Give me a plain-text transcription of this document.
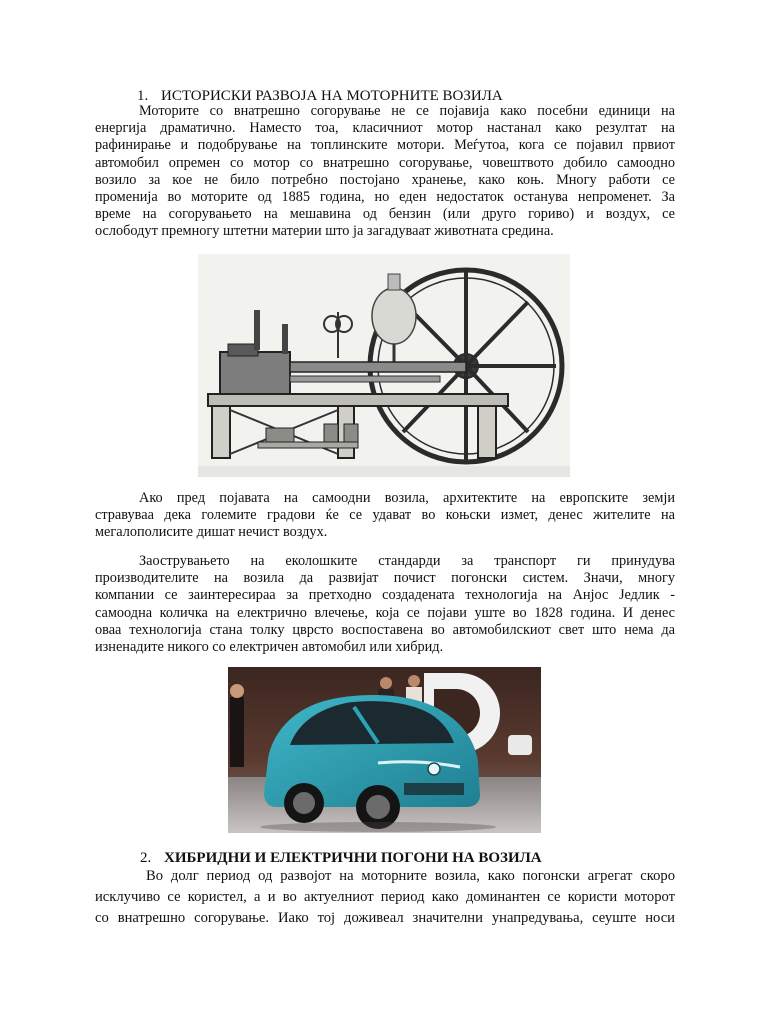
1. ИСТОРИСКИ РАЗВОЈА НА МОТОРНИТЕ ВОЗИЛА
Моторите со внатрешно согорување не се појавија како посебни единици на
енергија драматично. Наместо тоа, класичниот мотор настанал како резултат на
рафинирање и подобрување на топлинските мотори. Меѓутоа, кога се појавил првиот
автомобил опремен со мотор со внатрешно согорување, човештвото добило самоодно
возило за кое не било потребно постојано хранење, како коњ. Многу работи се
променија во моторите од 1885 година, но еден недостаток останува непроменет. За
време на согорувањето на мешавина од бензин (или друго гориво) и воздух, се
ослободут премногу штетни материи што ја загадуваат животната средина.
Ако пред појавата на самоодни возила, архитектите на европските земји
стравуваа дека големите градови ќе се удават во коњски измет, денес жителите на
мегалополисите дишат нечист воздух.
Заострувањето на еколошките стандарди за транспорт ги принудува
производителите на возила да развијат почист погонски систем. Значи, многу
компании се заинтересираа за претходно создадената технологија на Анјос Једлик -
самоодна количка на електрично влечење, која се појави уште во 1828 година. И денес
оваа технологија стана толку цврсто воспоставена во автомобилскиот свет што нема да
изненадите никого со електричен автомобил или хибрид.
2. ХИБРИДНИ И ЕЛЕКТРИЧНИ ПОГОНИ НА ВОЗИЛА
Во долг период од развојот на моторните возила, како погонски агрегат скоро
исклучиво се користел, а и во актуелниот период како доминантен се користи моторот
со внатрешно согорување. Иако тој доживеал значителни унапредувања, сеуште носи
